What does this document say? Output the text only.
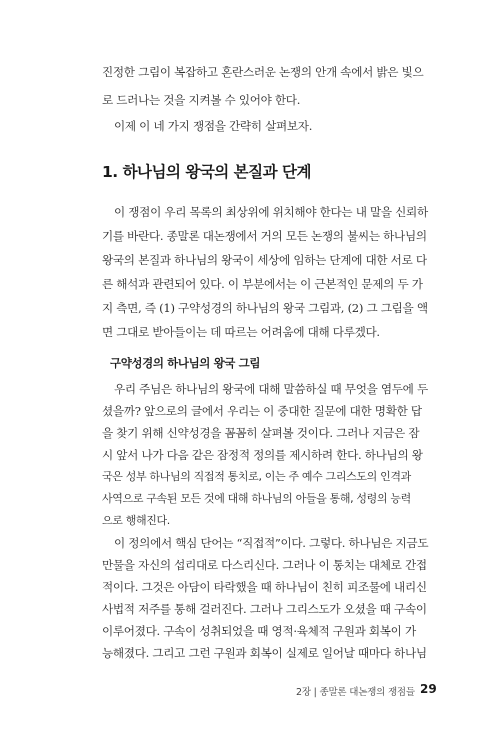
진정한 그림이 복잡하고 혼란스러운 논쟁의 안개 속에서 밝은 빛으
로 드러나는 것을 지켜볼 수 있어야 한다.
이제 이 네 가지 쟁점을 간략히 살펴보자.
1. 하나님의 왕국의 본질과 단계
이 쟁점이 우리 목록의 최상위에 위치해야 한다는 내 말을 신뢰하
기를 바란다. 종말론 대논쟁에서 거의 모든 논쟁의 불씨는 하나님의
왕국의 본질과 하나님의 왕국이 세상에 임하는 단계에 대한 서로 다
른 해석과 관련되어 있다. 이 부분에서는 이 근본적인 문제의 두 가
지 측면, 즉 (1) 구약성경의 하나님의 왕국 그림과, (2) 그 그림을 액
면 그대로 받아들이는 데 따르는 어려움에 대해 다루겠다.
구약성경의 하나님의 왕국 그림
우리 주님은 하나님의 왕국에 대해 말씀하실 때 무엇을 염두에 두
셨을까? 앞으로의 글에서 우리는 이 중대한 질문에 대한 명확한 답
을 찾기 위해 신약성경을 꼼꼼히 살펴볼 것이다. 그러나 지금은 잠
시 앞서 나가 다음 같은 잠정적 정의를 제시하려 한다. 하나님의 왕
국은 성부 하나님의 직접적 통치로, 이는 주 예수 그리스도의 인격과
사역으로 구속된 모든 것에 대해 하나님의 아들을 통해, 성령의 능력
으로 행해진다.
이 정의에서 핵심 단어는 “직접적”이다. 그렇다. 하나님은 지금도
만물을 자신의 섭리대로 다스리신다. 그러나 이 통치는 대체로 간접
적이다. 그것은 아담이 타락했을 때 하나님이 친히 피조물에 내리신
사법적 저주를 통해 걸러진다. 그러나 그리스도가 오셨을 때 구속이
이루어졌다. 구속이 성취되었을 때 영적·육체적 구원과 회복이 가
능해졌다. 그리고 그런 구원과 회복이 실제로 일어날 때마다 하나님
2장 | 종말론 대논쟁의 쟁점들 29
